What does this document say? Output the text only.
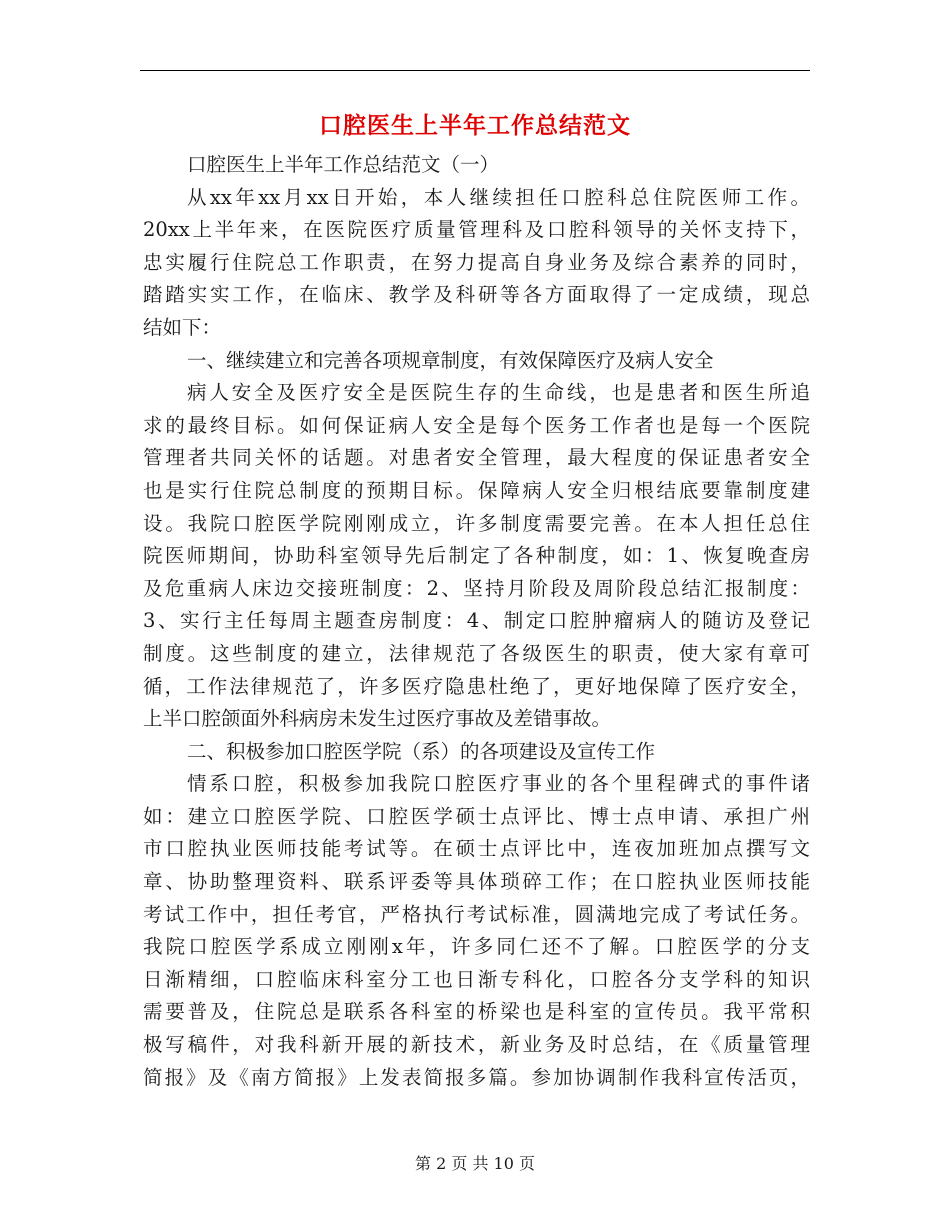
口腔医生上半年工作总结范文
口腔医生上半年工作总结范文（一）
从xx年xx月xx日开始，本人继续担任口腔科总住院医师工作。
20xx上半年来，在医院医疗质量管理科及口腔科领导的关怀支持下，
忠实履行住院总工作职责，在努力提高自身业务及综合素养的同时，
踏踏实实工作，在临床、教学及科研等各方面取得了一定成绩，现总
结如下：
一、继续建立和完善各项规章制度，有效保障医疗及病人安全
病人安全及医疗安全是医院生存的生命线，也是患者和医生所追
求的最终目标。如何保证病人安全是每个医务工作者也是每一个医院
管理者共同关怀的话题。对患者安全管理，最大程度的保证患者安全
也是实行住院总制度的预期目标。保障病人安全归根结底要靠制度建
设。我院口腔医学院刚刚成立，许多制度需要完善。在本人担任总住
院医师期间，协助科室领导先后制定了各种制度，如：1、恢复晚查房
及危重病人床边交接班制度：2、坚持月阶段及周阶段总结汇报制度：
3、实行主任每周主题查房制度：4、制定口腔肿瘤病人的随访及登记
制度。这些制度的建立，法律规范了各级医生的职责，使大家有章可
循，工作法律规范了，许多医疗隐患杜绝了，更好地保障了医疗安全，
上半口腔颌面外科病房未发生过医疗事故及差错事故。
二、积极参加口腔医学院（系）的各项建设及宣传工作
情系口腔，积极参加我院口腔医疗事业的各个里程碑式的事件诸
如：建立口腔医学院、口腔医学硕士点评比、博士点申请、承担广州
市口腔执业医师技能考试等。在硕士点评比中，连夜加班加点撰写文
章、协助整理资料、联系评委等具体琐碎工作；在口腔执业医师技能
考试工作中，担任考官，严格执行考试标准，圆满地完成了考试任务。
我院口腔医学系成立刚刚x年，许多同仁还不了解。口腔医学的分支
日渐精细，口腔临床科室分工也日渐专科化，口腔各分支学科的知识
需要普及，住院总是联系各科室的桥梁也是科室的宣传员。我平常积
极写稿件，对我科新开展的新技术，新业务及时总结，在《质量管理
简报》及《南方简报》上发表简报多篇。参加协调制作我科宣传活页，
第 2 页 共 10 页
